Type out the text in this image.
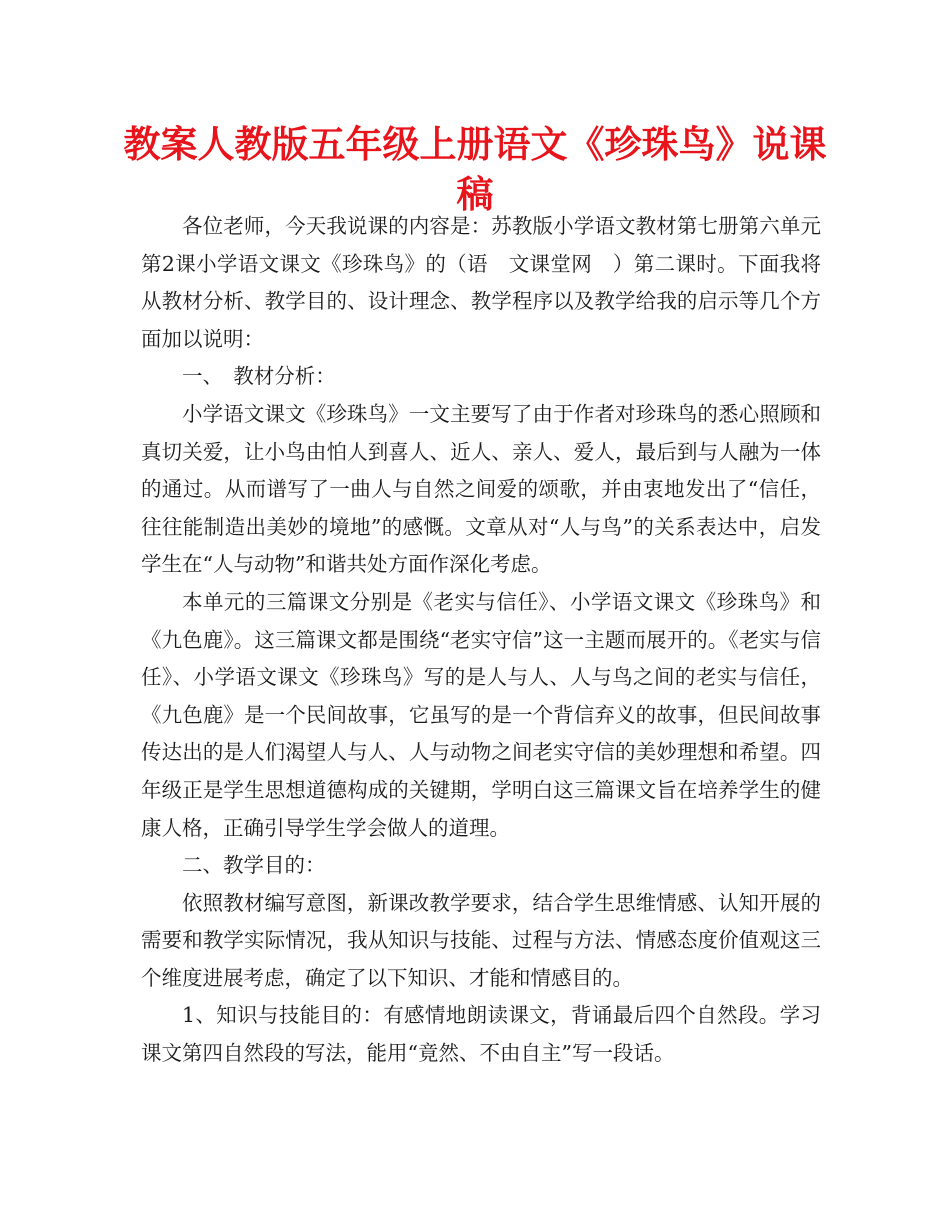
教案人教版五年级上册语文《珍珠鸟》说课稿

各位老师，今天我说课的内容是：苏教版小学语文教材第七册第六单元第2课小学语文课文《珍珠鸟》的（语　文课堂网　）第二课时。下面我将从教材分析、教学目的、设计理念、教学程序以及教学给我的启示等几个方面加以说明：

一、　教材分析：

小学语文课文《珍珠鸟》一文主要写了由于作者对珍珠鸟的悉心照顾和真切关爱，让小鸟由怕人到喜人、近人、亲人、爱人，最后到与人融为一体的通过。从而谱写了一曲人与自然之间爱的颂歌，并由衷地发出了“信任，往往能制造出美妙的境地”的感慨。文章从对“人与鸟”的关系表达中，启发学生在“人与动物”和谐共处方面作深化考虑。

本单元的三篇课文分别是《老实与信任》、小学语文课文《珍珠鸟》和《九色鹿》。这三篇课文都是围绕“老实守信”这一主题而展开的。《老实与信任》、小学语文课文《珍珠鸟》写的是人与人、人与鸟之间的老实与信任，《九色鹿》是一个民间故事，它虽写的是一个背信弃义的故事，但民间故事传达出的是人们渴望人与人、人与动物之间老实守信的美妙理想和希望。四年级正是学生思想道德构成的关键期，学明白这三篇课文旨在培养学生的健康人格，正确引导学生学会做人的道理。

二、教学目的：

依照教材编写意图，新课改教学要求，结合学生思维情感、认知开展的需要和教学实际情况，我从知识与技能、过程与方法、情感态度价值观这三个维度进展考虑，确定了以下知识、才能和情感目的。

1、知识与技能目的：有感情地朗读课文，背诵最后四个自然段。学习课文第四自然段的写法，能用“竟然、不由自主”写一段话。
